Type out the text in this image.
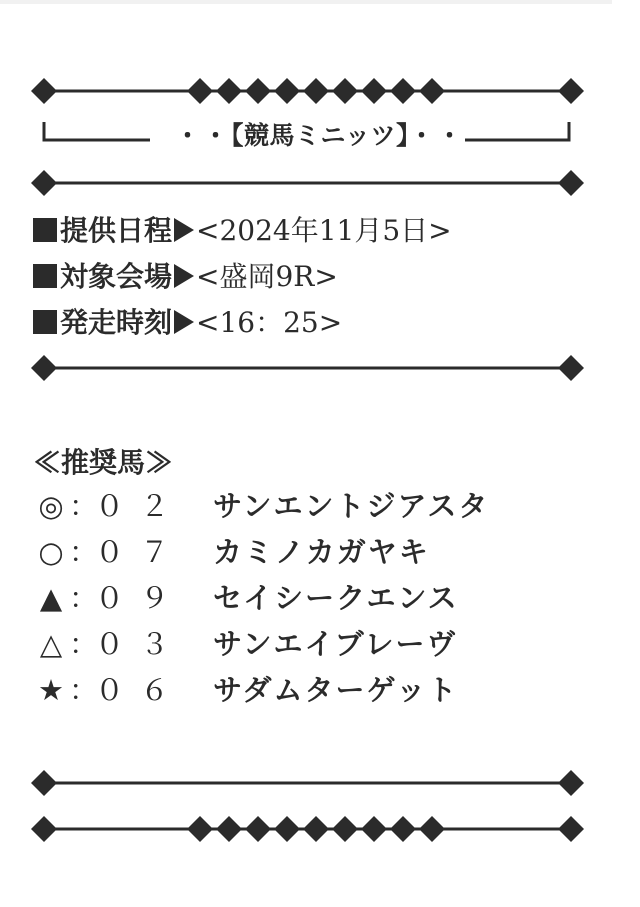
・・【競馬ミニッツ】・・
提供日程 <2024年11月5日>
対象会場 <盛岡9R>
発走時刻 <16：25>
≪推奨馬≫
◎ ：０２ サンエントジアスタ
○ ：０７ カミノカガヤキ
▲ ：０９ セイシークエンス
△ ：０３ サンエイブレーヴ
★ ：０６ サダムターゲット
